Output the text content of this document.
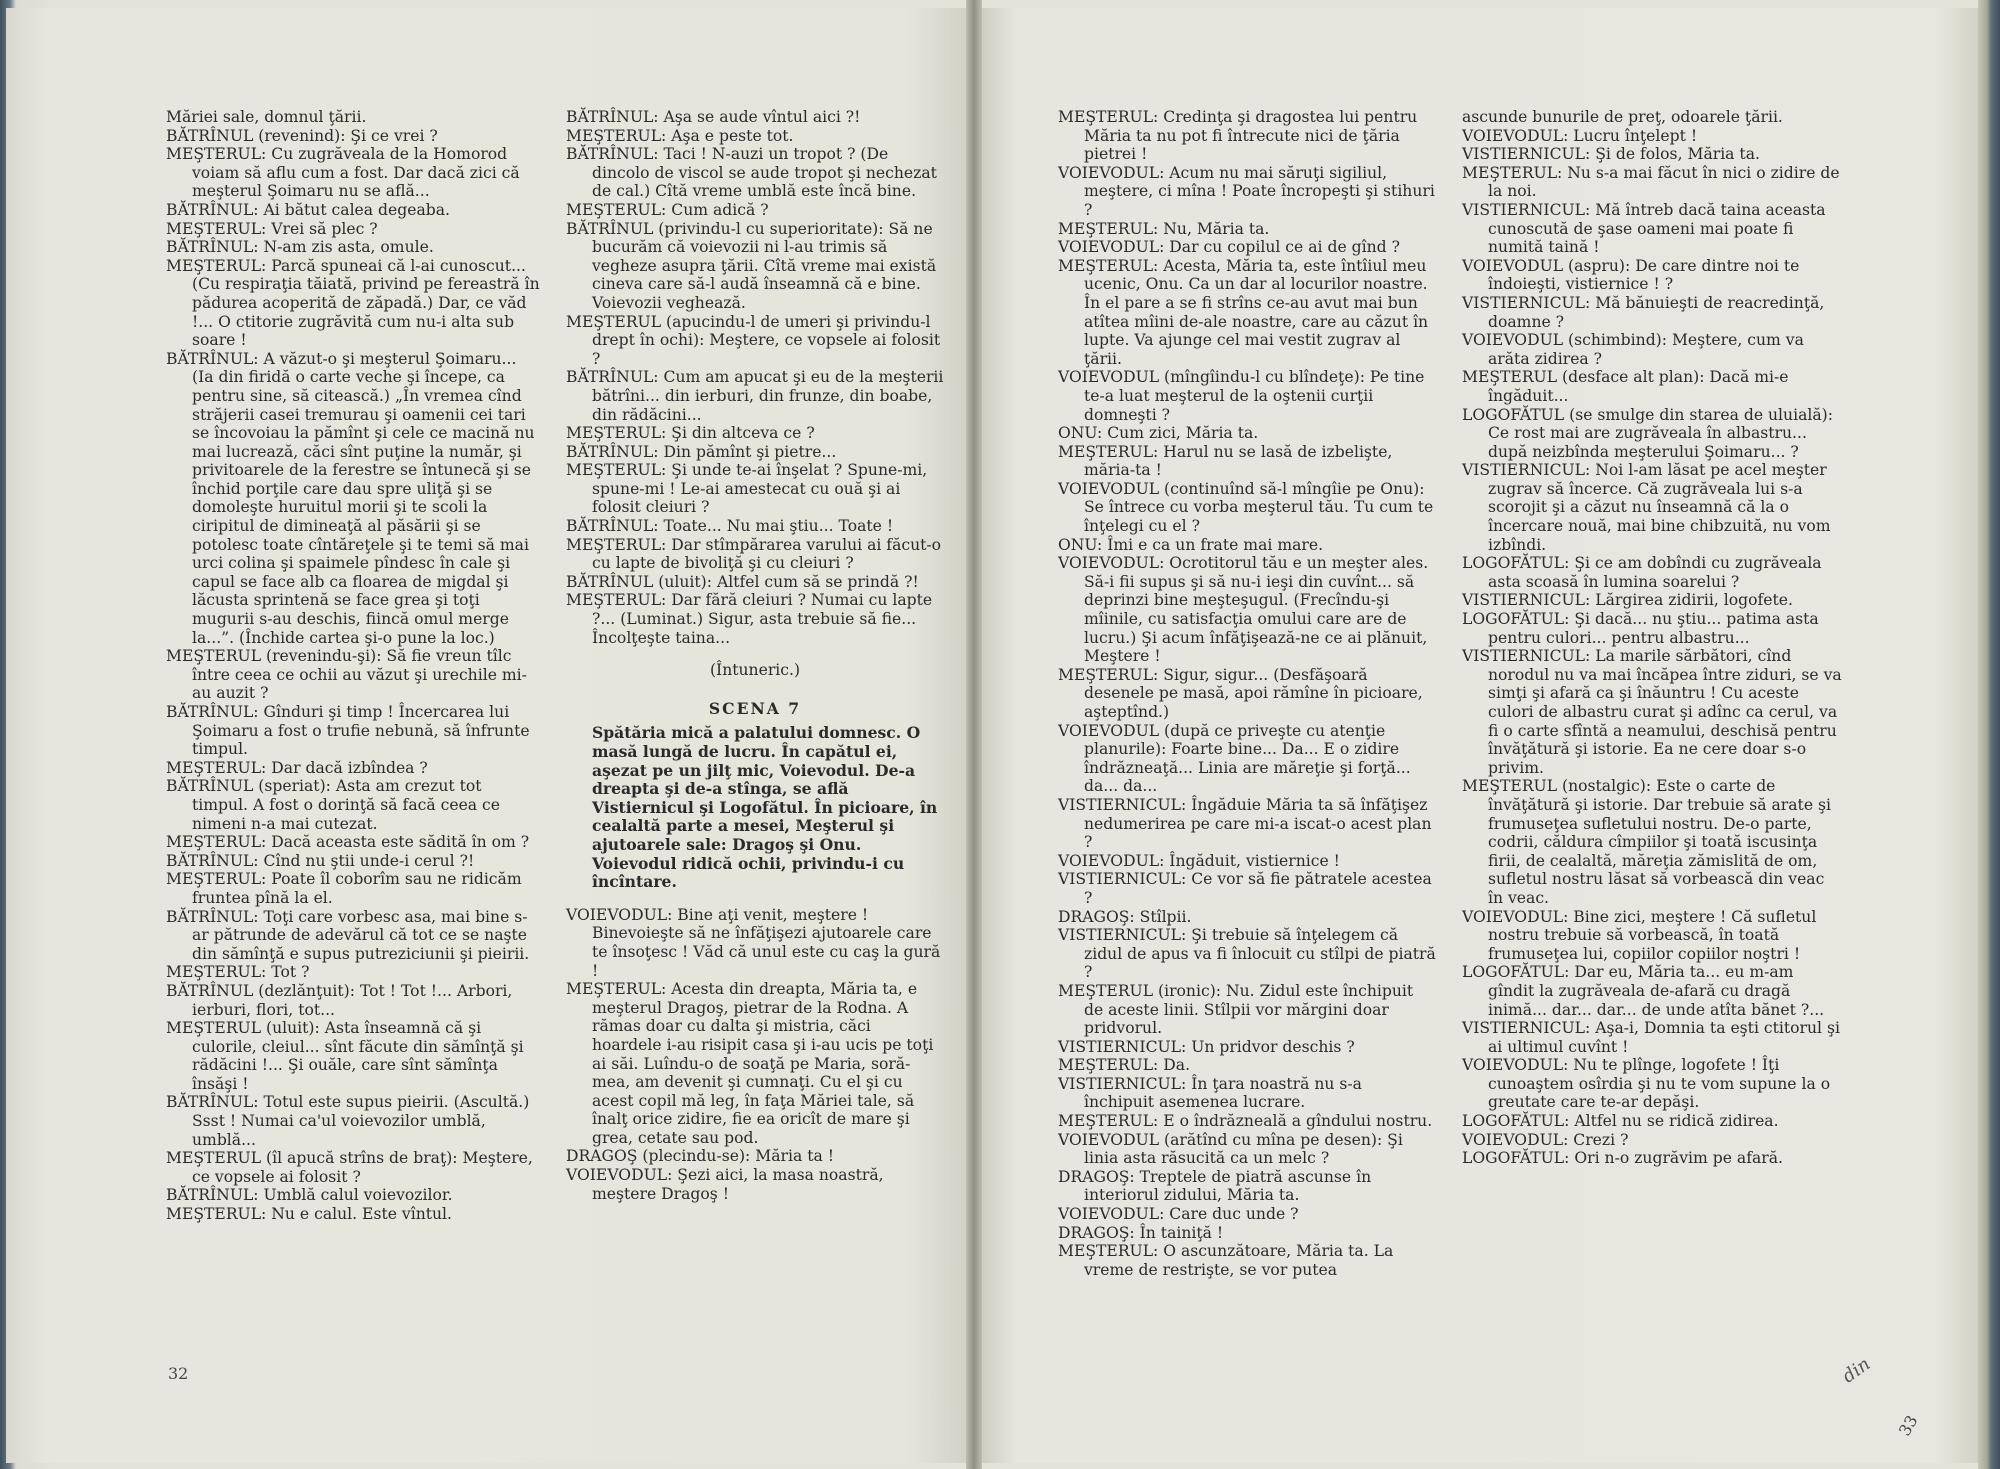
Măriei sale, domnul ţării.

BĂTRÎNUL (revenind): Şi ce vrei ?

MEŞTERUL: Cu zugrăveala de la Homorod voiam să aflu cum a fost. Dar dacă zici că meşterul Şoimaru nu se află...

BĂTRÎNUL: Ai bătut calea degeaba.

MEŞTERUL: Vrei să plec ?

BĂTRÎNUL: N-am zis asta, omule.

MEŞTERUL: Parcă spuneai că l-ai cunoscut... (Cu respiraţia tăiată, privind pe fereastră în pădurea acoperită de zăpadă.) Dar, ce văd !... O ctitorie zugrăvită cum nu-i alta sub soare !

BĂTRÎNUL: A văzut-o şi meşterul Şoimaru... (Ia din firidă o carte veche şi începe, ca pentru sine, să citească.) „În vremea cînd străjerii casei tremurau şi oamenii cei tari se încovoiau la pămînt şi cele ce macină nu mai lucrează, căci sînt puţine la număr, şi privitoarele de la ferestre se întunecă şi se închid porţile care dau spre uliţă şi se domoleşte huruitul morii şi te scoli la ciripitul de dimineaţă al păsării şi se potolesc toate cîntăreţele şi te temi să mai urci colina şi spaimele pîndesc în cale şi capul se face alb ca floarea de migdal şi lăcusta sprintenă se face grea şi toţi mugurii s-au deschis, fiincă omul merge la...”. (Închide cartea şi-o pune la loc.)

MEŞTERUL (revenindu-şi): Să fie vreun tîlc între ceea ce ochii au văzut şi urechile mi-au auzit ?

BĂTRÎNUL: Gînduri şi timp ! Încercarea lui Şoimaru a fost o trufie nebună, să înfrunte timpul.

MEŞTERUL: Dar dacă izbîndea ?

BĂTRÎNUL (speriat): Asta am crezut tot timpul. A fost o dorinţă să facă ceea ce nimeni n-a mai cutezat.

MEŞTERUL: Dacă aceasta este sădită în om ?

BĂTRÎNUL: Cînd nu ştii unde-i cerul ?!

MEŞTERUL: Poate îl coborîm sau ne ridicăm fruntea pînă la el.

BĂTRÎNUL: Toţi care vorbesc asa, mai bine s-ar pătrunde de adevărul că tot ce se naşte din sămînţă e supus putreziciunii şi pieirii.

MEŞTERUL: Tot ?

BĂTRÎNUL (dezlănţuit): Tot ! Tot !... Arbori, ierburi, flori, tot...

MEŞTERUL (uluit): Asta înseamnă că şi culorile, cleiul... sînt făcute din sămînţă şi rădăcini !... Şi ouăle, care sînt sămînţa însăşi !

BĂTRÎNUL: Totul este supus pieirii. (Ascultă.) Ssst ! Numai ca'ul voievozilor umblă, umblă...

MEŞTERUL (îl apucă strîns de braţ): Meştere, ce vopsele ai folosit ?

BĂTRÎNUL: Umblă calul voievozilor.

MEŞTERUL: Nu e calul. Este vîntul.

BĂTRÎNUL: Aşa se aude vîntul aici ?!

MEŞTERUL: Aşa e peste tot.

BĂTRÎNUL: Taci ! N-auzi un tropot ? (De dincolo de viscol se aude tropot şi nechezat de cal.) Cîtă vreme umblă este încă bine.

MEŞTERUL: Cum adică ?

BĂTRÎNUL (privindu-l cu superioritate): Să ne bucurăm că voievozii ni l-au trimis să vegheze asupra ţării. Cîtă vreme mai există cineva care să-l audă înseamnă că e bine. Voievozii veghează.

MEŞTERUL (apucindu-l de umeri şi privindu-l drept în ochi): Meştere, ce vopsele ai folosit ?

BĂTRÎNUL: Cum am apucat şi eu de la meşterii bătrîni... din ierburi, din frunze, din boabe, din rădăcini...

MEŞTERUL: Şi din altceva ce ?

BĂTRÎNUL: Din pămînt şi pietre...

MEŞTERUL: Şi unde te-ai înşelat ? Spune-mi, spune-mi ! Le-ai amestecat cu ouă şi ai folosit cleiuri ?

BĂTRÎNUL: Toate... Nu mai ştiu... Toate !

MEŞTERUL: Dar stîmpărarea varului ai făcut-o cu lapte de bivoliţă şi cu cleiuri ?

BĂTRÎNUL (uluit): Altfel cum să se prindă ?!

MEŞTERUL: Dar fără cleiuri ? Numai cu lapte ?... (Luminat.) Sigur, asta trebuie să fie... Încolţeşte taina...

(Întuneric.)

SCENA 7

Spătăria mică a palatului domnesc. O masă lungă de lucru. În capătul ei, aşezat pe un jilţ mic, Voievodul. De-a dreapta şi de-a stînga, se află Vistiernicul şi Logofătul. În picioare, în cealaltă parte a mesei, Meşterul şi ajutoarele sale: Dragoş şi Onu. Voievodul ridică ochii, privindu-i cu încîntare.

VOIEVODUL: Bine aţi venit, meştere ! Binevoieşte să ne înfăţişezi ajutoarele care te însoţesc ! Văd că unul este cu caş la gură !

MEŞTERUL: Acesta din dreapta, Măria ta, e meşterul Dragoş, pietrar de la Rodna. A rămas doar cu dalta şi mistria, căci hoardele i-au risipit casa şi i-au ucis pe toţi ai săi. Luîndu-o de soaţă pe Maria, soră-mea, am devenit şi cumnaţi. Cu el şi cu acest copil mă leg, în faţa Măriei tale, să înalţ orice zidire, fie ea oricît de mare şi grea, cetate sau pod.

DRAGOŞ (plecindu-se): Măria ta !

VOIEVODUL: Şezi aici, la masa noastră, meştere Dragoş !

32

MEŞTERUL: Credinţa şi dragostea lui pentru Măria ta nu pot fi întrecute nici de ţăria pietrei !

VOIEVODUL: Acum nu mai săruţi sigiliul, meştere, ci mîna ! Poate încropeşti şi stihuri ?

MEŞTERUL: Nu, Măria ta.

VOIEVODUL: Dar cu copilul ce ai de gînd ?

MEŞTERUL: Acesta, Măria ta, este întîiul meu ucenic, Onu. Ca un dar al locurilor noastre. În el pare a se fi strîns ce-au avut mai bun atîtea mîini de-ale noastre, care au căzut în lupte. Va ajunge cel mai vestit zugrav al ţării.

VOIEVODUL (mîngîindu-l cu blîndeţe): Pe tine te-a luat meşterul de la oştenii curţii domneşti ?

ONU: Cum zici, Măria ta.

MEŞTERUL: Harul nu se lasă de izbelişte, măria-ta !

VOIEVODUL (continuînd să-l mîngîie pe Onu): Se întrece cu vorba meşterul tău. Tu cum te înţelegi cu el ?

ONU: Îmi e ca un frate mai mare.

VOIEVODUL: Ocrotitorul tău e un meşter ales. Să-i fii supus şi să nu-i ieşi din cuvînt... să deprinzi bine meşteşugul. (Frecîndu-şi mîinile, cu satisfacţia omului care are de lucru.) Şi acum înfăţişează-ne ce ai plănuit, Meştere !

MEŞTERUL: Sigur, sigur... (Desfăşoară desenele pe masă, apoi rămîne în picioare, aşteptînd.)

VOIEVODUL (după ce priveşte cu atenţie planurile): Foarte bine... Da... E o zidire îndrăzneaţă... Linia are măreţie şi forţă... da... da...

VISTIERNICUL: Îngăduie Măria ta să înfăţişez nedumerirea pe care mi-a iscat-o acest plan ?

VOIEVODUL: Îngăduit, vistiernice !

VISTIERNICUL: Ce vor să fie pătratele acestea ?

DRAGOŞ: Stîlpii.

VISTIERNICUL: Şi trebuie să înţelegem că zidul de apus va fi înlocuit cu stîlpi de piatră ?

MEŞTERUL (ironic): Nu. Zidul este închipuit de aceste linii. Stîlpii vor mărgini doar pridvorul.

VISTIERNICUL: Un pridvor deschis ?

MEŞTERUL: Da.

VISTIERNICUL: În ţara noastră nu s-a închipuit asemenea lucrare.

MEŞTERUL: E o îndrăzneală a gîndului nostru.

VOIEVODUL (arătînd cu mîna pe desen): Şi linia asta răsucită ca un melc ?

DRAGOŞ: Treptele de piatră ascunse în interiorul zidului, Măria ta.

VOIEVODUL: Care duc unde ?

DRAGOŞ: În tainiţă !

MEŞTERUL: O ascunzătoare, Măria ta. La vreme de restrişte, se vor putea

ascunde bunurile de preţ, odoarele ţării.

VOIEVODUL: Lucru înţelept !

VISTIERNICUL: Şi de folos, Măria ta.

MEŞTERUL: Nu s-a mai făcut în nici o zidire de la noi.

VISTIERNICUL: Mă întreb dacă taina aceasta cunoscută de şase oameni mai poate fi numită taină !

VOIEVODUL (aspru): De care dintre noi te îndoieşti, vistiernice ! ?

VISTIERNICUL: Mă bănuieşti de reacredinţă, doamne ?

VOIEVODUL (schimbind): Meştere, cum va arăta zidirea ?

MEŞTERUL (desface alt plan): Dacă mi-e îngăduit...

LOGOFĂTUL (se smulge din starea de uluială): Ce rost mai are zugrăveala în albastru... după neizbînda meşterului Şoimaru... ?

VISTIERNICUL: Noi l-am lăsat pe acel meşter zugrav să încerce. Că zugrăveala lui s-a scorojit şi a căzut nu înseamnă că la o încercare nouă, mai bine chibzuită, nu vom izbîndi.

LOGOFĂTUL: Şi ce am dobîndi cu zugrăveala asta scoasă în lumina soarelui ?

VISTIERNICUL: Lărgirea zidirii, logofete.

LOGOFĂTUL: Şi dacă... nu ştiu... patima asta pentru culori... pentru albastru...

VISTIERNICUL: La marile sărbători, cînd norodul nu va mai încăpea între ziduri, se va simţi şi afară ca şi înăuntru ! Cu aceste culori de albastru curat şi adînc ca cerul, va fi o carte sfîntă a neamului, deschisă pentru învăţătură şi istorie. Ea ne cere doar s-o privim.

MEŞTERUL (nostalgic): Este o carte de învăţătură şi istorie. Dar trebuie să arate şi frumuseţea sufletului nostru. De-o parte, codrii, căldura cîmpiilor şi toată iscusinţa firii, de cealaltă, măreţia zămislită de om, sufletul nostru lăsat să vorbească din veac în veac.

VOIEVODUL: Bine zici, meştere ! Că sufletul nostru trebuie să vorbească, în toată frumuseţea lui, copiilor copiilor noştri !

LOGOFĂTUL: Dar eu, Măria ta... eu m-am gîndit la zugrăveala de-afară cu dragă inimă... dar... dar... de unde atîta bănet ?...

VISTIERNICUL: Aşa-i, Domnia ta eşti ctitorul şi ai ultimul cuvînt !

VOIEVODUL: Nu te plînge, logofete ! Îţi cunoaştem osîrdia şi nu te vom supune la o greutate care te-ar depăşi.

LOGOFĂTUL: Altfel nu se ridică zidirea.

VOIEVODUL: Crezi ?

LOGOFĂTUL: Ori n-o zugrăvim pe afară.

din
33
